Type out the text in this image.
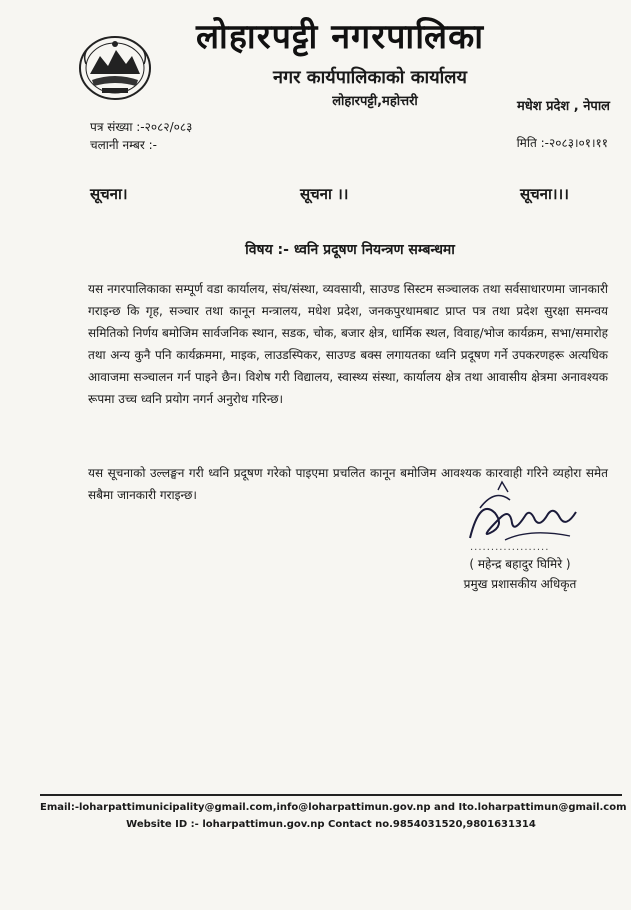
लोहारपट्टी नगरपालिका
नगर कार्यपालिकाको कार्यालय
लोहारपट्टी,महोत्तरी	मधेश प्रदेश , नेपाल
पत्र संख्या :-२०८२/०८३
चलानी नम्बर :-	मिति :-२०८३।०१।११
सूचना।	सूचना ।।	सूचना।।।
विषय :- ध्वनि प्रदूषण नियन्त्रण सम्बन्धमा

यस नगरपालिकाका सम्पूर्ण वडा कार्यालय, संघ/संस्था, व्यवसायी, साउण्ड सिस्टम सञ्चालक तथा सर्वसाधारणमा जानकारी गराइन्छ कि गृह, सञ्चार तथा कानून मन्त्रालय, मधेश प्रदेश, जनकपुरधामबाट प्राप्त पत्र तथा प्रदेश सुरक्षा समन्वय समितिको निर्णय बमोजिम सार्वजनिक स्थान, सडक, चोक, बजार क्षेत्र, धार्मिक स्थल, विवाह/भोज कार्यक्रम, सभा/समारोह तथा अन्य कुनै पनि कार्यक्रममा, माइक, लाउडस्पिकर, साउण्ड बक्स लगायतका ध्वनि प्रदूषण गर्ने उपकरणहरू अत्यधिक आवाजमा सञ्चालन गर्न पाइने छैन। विशेष गरी विद्यालय, स्वास्थ्य संस्था, कार्यालय क्षेत्र तथा आवासीय क्षेत्रमा अनावश्यक रूपमा उच्च ध्वनि प्रयोग नगर्न अनुरोध गरिन्छ।

यस सूचनाको उल्लङ्घन गरी ध्वनि प्रदूषण गरेको पाइएमा प्रचलित कानून बमोजिम आवश्यक कारवाही गरिने व्यहोरा समेत सबैमा जानकारी गराइन्छ।

...................
( महेन्द्र बहादुर घिमिरे )
प्रमुख प्रशासकीय अधिकृत
Email:-loharpattimunicipality@gmail.com,info@loharpattimun.gov.np and Ito.loharpattimun@gmail.com
Website ID :- loharpattimun.gov.np Contact no.9854031520,9801631314
